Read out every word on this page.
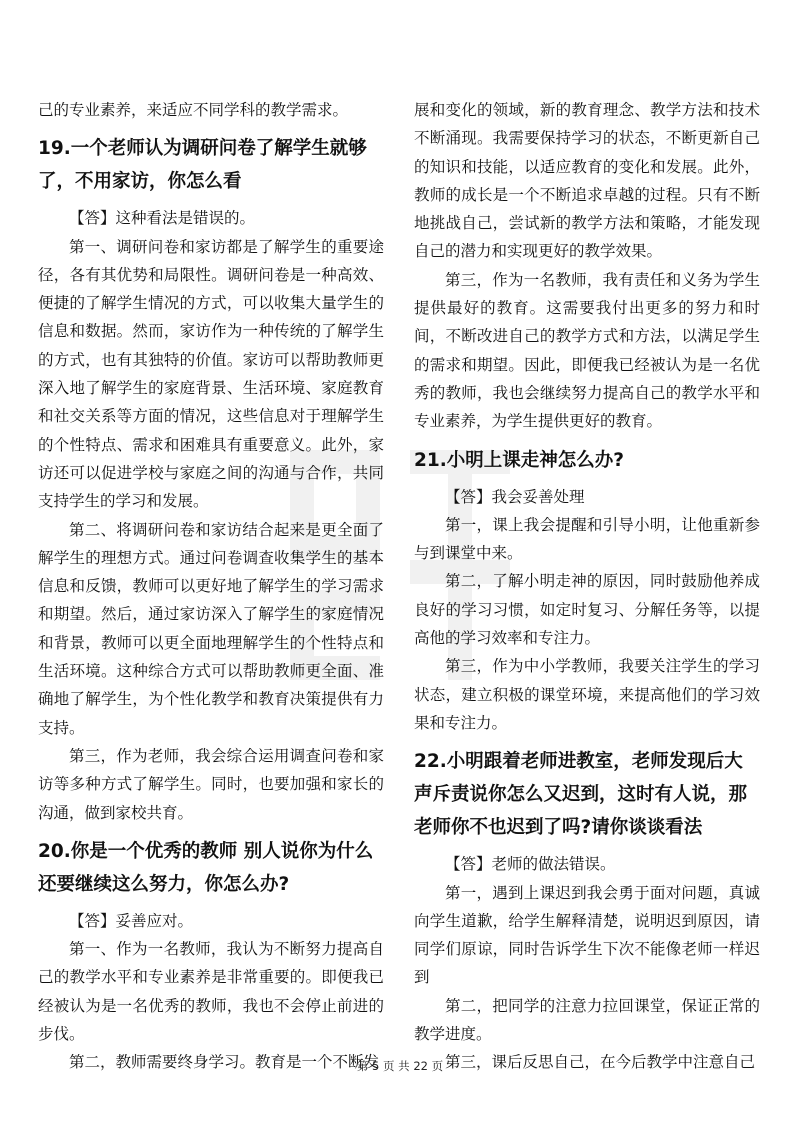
己的专业素养，来适应不同学科的教学需求。

19.一个老师认为调研问卷了解学生就够了，不用家访，你怎么看

【答】这种看法是错误的。

第一、调研问卷和家访都是了解学生的重要途径，各有其优势和局限性。调研问卷是一种高效、便捷的了解学生情况的方式，可以收集大量学生的信息和数据。然而，家访作为一种传统的了解学生的方式，也有其独特的价值。家访可以帮助教师更深入地了解学生的家庭背景、生活环境、家庭教育和社交关系等方面的情况，这些信息对于理解学生的个性特点、需求和困难具有重要意义。此外，家访还可以促进学校与家庭之间的沟通与合作，共同支持学生的学习和发展。

第二、将调研问卷和家访结合起来是更全面了解学生的理想方式。通过问卷调查收集学生的基本信息和反馈，教师可以更好地了解学生的学习需求和期望。然后，通过家访深入了解学生的家庭情况和背景，教师可以更全面地理解学生的个性特点和生活环境。这种综合方式可以帮助教师更全面、准确地了解学生，为个性化教学和教育决策提供有力支持。

第三，作为老师，我会综合运用调查问卷和家访等多种方式了解学生。同时，也要加强和家长的沟通，做到家校共育。

20.你是一个优秀的教师 别人说你为什么还要继续这么努力，你怎么办?

【答】妥善应对。

第一、作为一名教师，我认为不断努力提高自己的教学水平和专业素养是非常重要的。即便我已经被认为是一名优秀的教师，我也不会停止前进的步伐。

第二，教师需要终身学习。教育是一个不断发

展和变化的领域，新的教育理念、教学方法和技术不断涌现。我需要保持学习的状态，不断更新自己的知识和技能，以适应教育的变化和发展。此外，教师的成长是一个不断追求卓越的过程。只有不断地挑战自己，尝试新的教学方法和策略，才能发现自己的潜力和实现更好的教学效果。

第三，作为一名教师，我有责任和义务为学生提供最好的教育。这需要我付出更多的努力和时间，不断改进自己的教学方式和方法，以满足学生的需求和期望。因此，即便我已经被认为是一名优秀的教师，我也会继续努力提高自己的教学水平和专业素养，为学生提供更好的教育。

21.小明上课走神怎么办?

【答】我会妥善处理

第一，课上我会提醒和引导小明，让他重新参与到课堂中来。

第二，了解小明走神的原因，同时鼓励他养成良好的学习习惯，如定时复习、分解任务等，以提高他的学习效率和专注力。

第三，作为中小学教师，我要关注学生的学习状态，建立积极的课堂环境，来提高他们的学习效果和专注力。

22.小明跟着老师进教室，老师发现后大声斥责说你怎么又迟到，这时有人说，那老师你不也迟到了吗?请你谈谈看法

【答】老师的做法错误。

第一，遇到上课迟到我会勇于面对问题，真诚向学生道歉，给学生解释清楚，说明迟到原因，请同学们原谅，同时告诉学生下次不能像老师一样迟到

第二，把同学的注意力拉回课堂，保证正常的教学进度。

第三，课后反思自己，在今后教学中注意自己

第 5 页 共 22 页
